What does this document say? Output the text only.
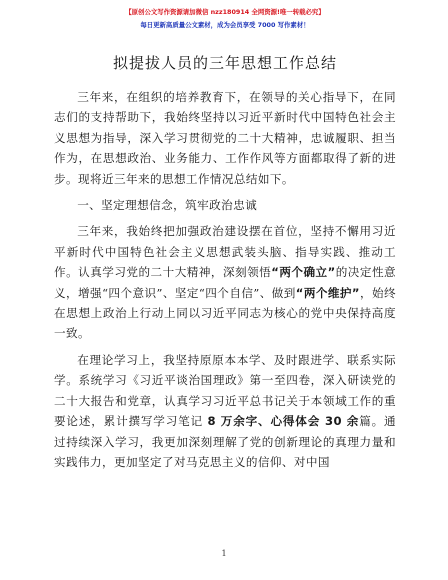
【原创公文写作资源请加微信 nzz180914 全网资源!唯一转载必究】
每日更新高质量公文素材，成为会员享受 7000 写作素材！
拟提拔人员的三年思想工作总结

三年来，在组织的培养教育下，在领导的关心指导下，在同志们的支持帮助下，我始终坚持以习近平新时代中国特色社会主义思想为指导，深入学习贯彻党的二十大精神，忠诚履职、担当作为，在思想政治、业务能力、工作作风等方面都取得了新的进步。现将近三年来的思想工作情况总结如下。

一、坚定理想信念，筑牢政治忠诚

三年来，我始终把加强政治建设摆在首位，坚持不懈用习近平新时代中国特色社会主义思想武装头脑、指导实践、推动工作。认真学习党的二十大精神，深刻领悟“两个确立”的决定性意义，增强“四个意识”、坚定“四个自信”、做到“两个维护”，始终在思想上政治上行动上同以习近平同志为核心的党中央保持高度一致。

在理论学习上，我坚持原原本本学、及时跟进学、联系实际学。系统学习《习近平谈治国理政》第一至四卷，深入研读党的二十大报告和党章，认真学习习近平总书记关于本领域工作的重要论述，累计撰写学习笔记 8 万余字、心得体会 30 余篇。通过持续深入学习，我更加深刻理解了党的创新理论的真理力量和实践伟力，更加坚定了对马克思主义的信仰、对中国

1
